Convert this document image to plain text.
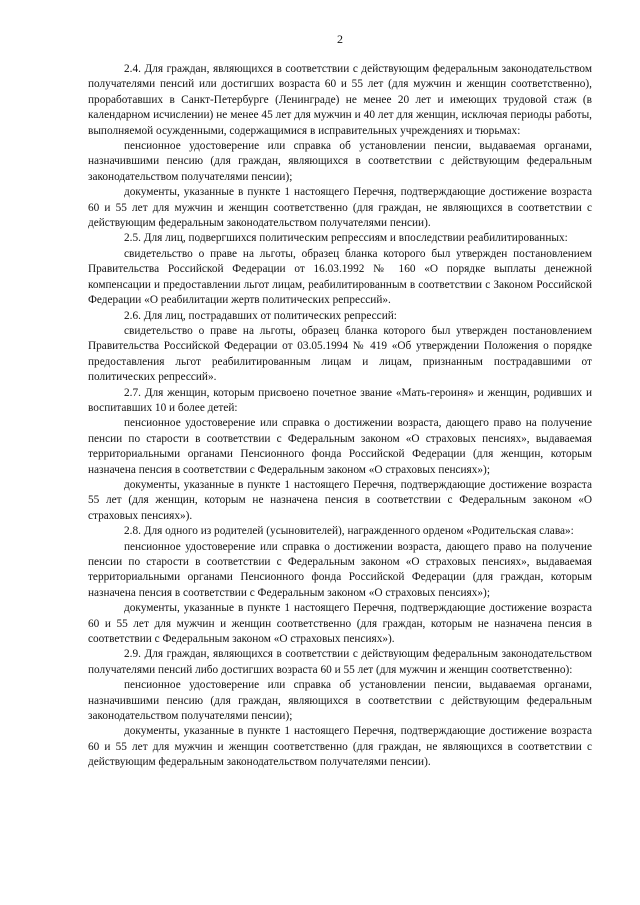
2

2.4. Для граждан, являющихся в соответствии с действующим федеральным законодательством получателями пенсий или достигших возраста 60 и 55 лет (для мужчин и женщин соответственно), проработавших в Санкт-Петербурге (Ленинграде) не менее 20 лет и имеющих трудовой стаж (в календарном исчислении) не менее 45 лет для мужчин и 40 лет для женщин, исключая периоды работы, выполняемой осужденными, содержащимися в исправительных учреждениях и тюрьмах:

пенсионное удостоверение или справка об установлении пенсии, выдаваемая органами, назначившими пенсию (для граждан, являющихся в соответствии с действующим федеральным законодательством получателями пенсии);

документы, указанные в пункте 1 настоящего Перечня, подтверждающие достижение возраста 60 и 55 лет для мужчин и женщин соответственно (для граждан, не являющихся в соответствии с действующим федеральным законодательством получателями пенсии).

2.5. Для лиц, подвергшихся политическим репрессиям и впоследствии реабилитированных:

свидетельство о праве на льготы, образец бланка которого был утвержден постановлением Правительства Российской Федерации от 16.03.1992 № 160 «О порядке выплаты денежной компенсации и предоставлении льгот лицам, реабилитированным в соответствии с Законом Российской Федерации «О реабилитации жертв политических репрессий».

2.6. Для лиц, пострадавших от политических репрессий:

свидетельство о праве на льготы, образец бланка которого был утвержден постановлением Правительства Российской Федерации от 03.05.1994 № 419 «Об утверждении Положения о порядке предоставления льгот реабилитированным лицам и лицам, признанным пострадавшими от политических репрессий».

2.7. Для женщин, которым присвоено почетное звание «Мать-героиня» и женщин, родивших и воспитавших 10 и более детей:

пенсионное удостоверение или справка о достижении возраста, дающего право на получение пенсии по старости в соответствии с Федеральным законом «О страховых пенсиях», выдаваемая территориальными органами Пенсионного фонда Российской Федерации (для женщин, которым назначена пенсия в соответствии с Федеральным законом «О страховых пенсиях»);

документы, указанные в пункте 1 настоящего Перечня, подтверждающие достижение возраста 55 лет (для женщин, которым не назначена пенсия в соответствии с Федеральным законом «О страховых пенсиях»).

2.8. Для одного из родителей (усыновителей), награжденного орденом «Родительская слава»:

пенсионное удостоверение или справка о достижении возраста, дающего право на получение пенсии по старости в соответствии с Федеральным законом «О страховых пенсиях», выдаваемая территориальными органами Пенсионного фонда Российской Федерации (для граждан, которым назначена пенсия в соответствии с Федеральным законом «О страховых пенсиях»);

документы, указанные в пункте 1 настоящего Перечня, подтверждающие достижение возраста 60 и 55 лет для мужчин и женщин соответственно (для граждан, которым не назначена пенсия в соответствии с Федеральным законом «О страховых пенсиях»).

2.9. Для граждан, являющихся в соответствии с действующим федеральным законодательством получателями пенсий либо достигших возраста 60 и 55 лет (для мужчин и женщин соответственно):

пенсионное удостоверение или справка об установлении пенсии, выдаваемая органами, назначившими пенсию (для граждан, являющихся в соответствии с действующим федеральным законодательством получателями пенсии);

документы, указанные в пункте 1 настоящего Перечня, подтверждающие достижение возраста 60 и 55 лет для мужчин и женщин соответственно (для граждан, не являющихся в соответствии с действующим федеральным законодательством получателями пенсии).
